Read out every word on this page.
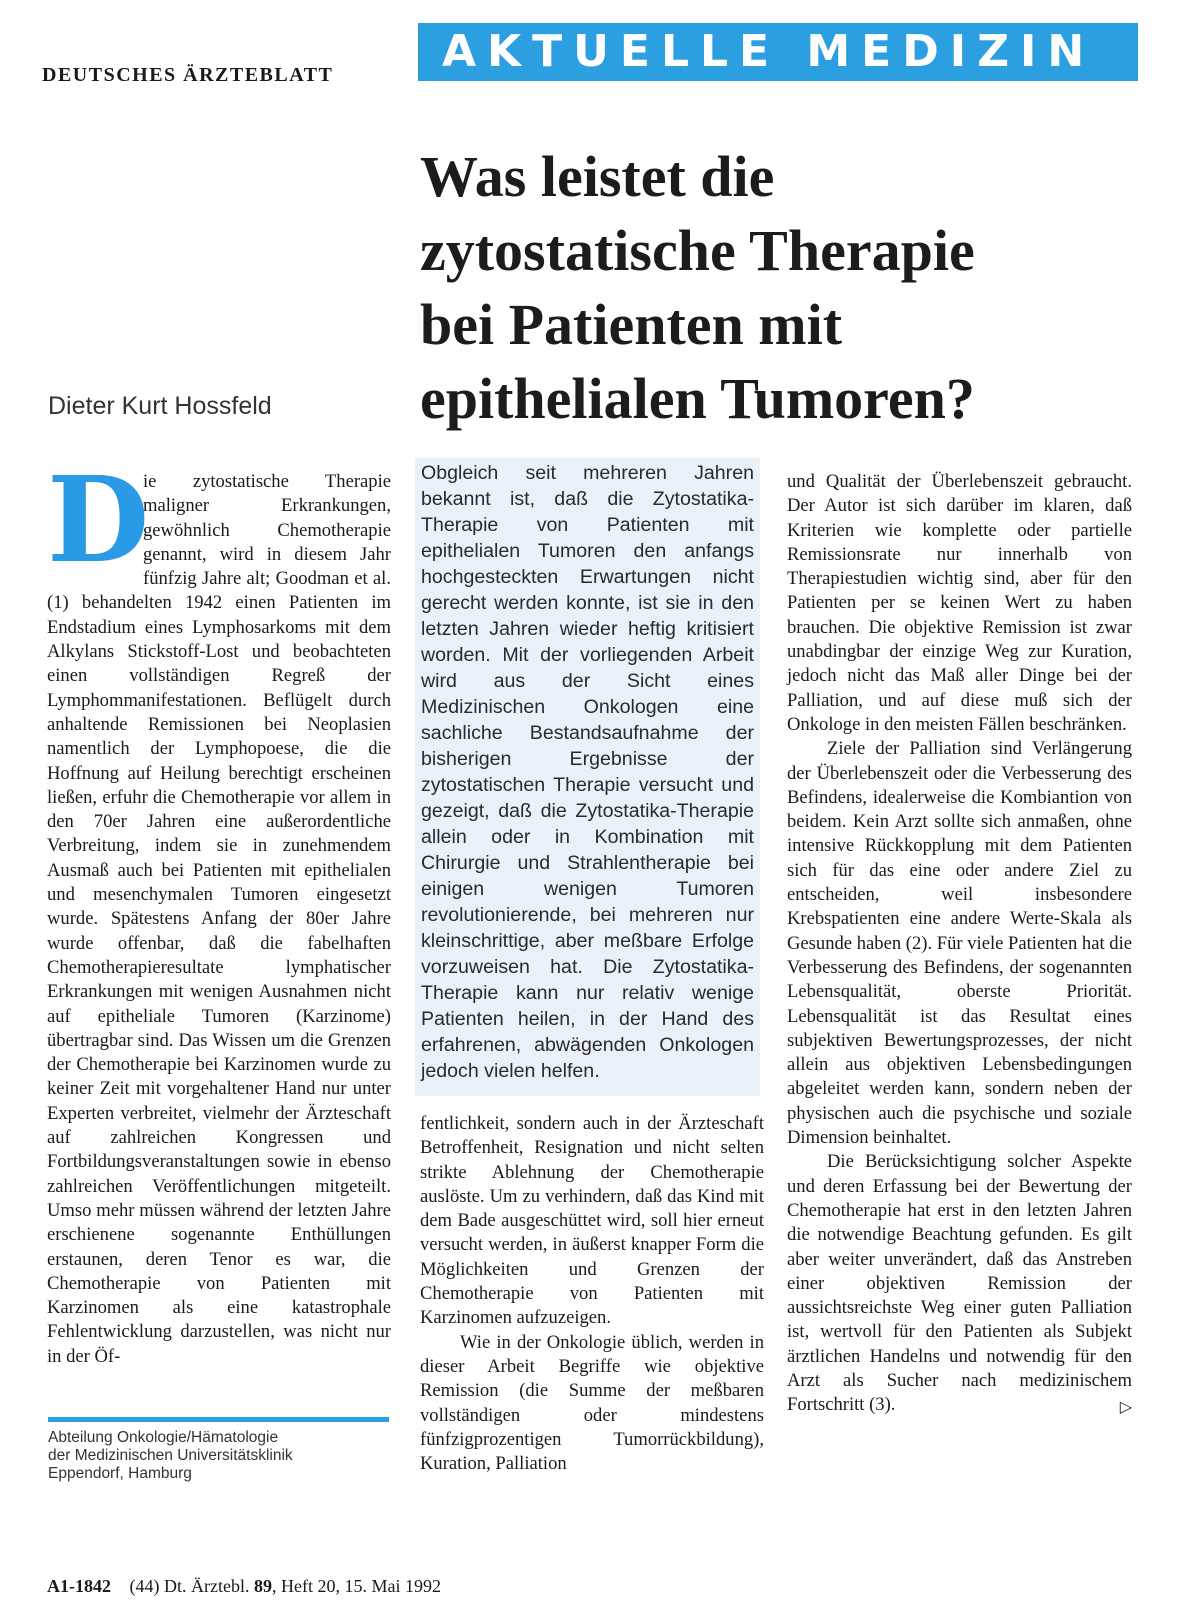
DEUTSCHES ÄRZTEBLATT	AKTUELLE MEDIZIN
Was leistet die
zytostatische Therapie
bei Patienten mit
epithelialen Tumoren?
Dieter Kurt Hossfeld
D

ie zytostatische Therapie maligner Erkrankungen, gewöhnlich Chemotherapie genannt, wird in diesem Jahr fünfzig Jahre alt; Goodman et al. (1) behandelten 1942 einen Patienten im Endstadium eines Lymphosarkoms mit dem Alkylans Stickstoff-Lost und beobachteten einen vollständigen Regreß der Lymphommanifestationen. Beflügelt durch anhaltende Remissionen bei Neoplasien namentlich der Lymphopoese, die die Hoffnung auf Heilung berechtigt erscheinen ließen, erfuhr die Chemotherapie vor allem in den 70er Jahren eine außerordentliche Verbreitung, indem sie in zunehmendem Ausmaß auch bei Patienten mit epithelialen und mesenchymalen Tumoren eingesetzt wurde. Spätestens Anfang der 80er Jahre wurde offenbar, daß die fabelhaften Chemotherapieresultate lymphatischer Erkrankungen mit wenigen Ausnahmen nicht auf epitheliale Tumoren (Karzinome) übertragbar sind. Das Wissen um die Grenzen der Chemotherapie bei Karzinomen wurde zu keiner Zeit mit vorgehaltener Hand nur unter Experten verbreitet, vielmehr der Ärzteschaft auf zahlreichen Kongressen und Fortbildungsveranstaltungen sowie in ebenso zahlreichen Veröffentlichungen mitgeteilt. Umso mehr müssen während der letzten Jahre erschienene sogenannte Enthüllungen erstaunen, deren Tenor es war, die Chemotherapie von Patienten mit Karzinomen als eine katastrophale Fehlentwicklung darzustellen, was nicht nur in der Öf-

Obgleich seit mehreren Jahren bekannt ist, daß die Zytostatika-Therapie von Patienten mit epithelialen Tumoren den anfangs hochgesteckten Erwartungen nicht gerecht werden konnte, ist sie in den letzten Jahren wieder heftig kritisiert worden. Mit der vorliegenden Arbeit wird aus der Sicht eines Medizinischen Onkologen eine sachliche Bestandsaufnahme der bisherigen Ergebnisse der zytostatischen Therapie versucht und gezeigt, daß die Zytostatika-Therapie allein oder in Kombination mit Chirurgie und Strahlentherapie bei einigen wenigen Tumoren revolutionierende, bei mehreren nur kleinschrittige, aber meßbare Erfolge vorzuweisen hat. Die Zytostatika-Therapie kann nur relativ wenige Patienten heilen, in der Hand des erfahrenen, abwägenden Onkologen jedoch vielen helfen.

fentlichkeit, sondern auch in der Ärzteschaft Betroffenheit, Resignation und nicht selten strikte Ablehnung der Chemotherapie auslöste. Um zu verhindern, daß das Kind mit dem Bade ausgeschüttet wird, soll hier erneut versucht werden, in äußerst knapper Form die Möglichkeiten und Grenzen der Chemotherapie von Patienten mit Karzinomen aufzuzeigen.

Wie in der Onkologie üblich, werden in dieser Arbeit Begriffe wie objektive Remission (die Summe der meßbaren vollständigen oder mindestens fünfzigprozentigen Tumorrückbildung), Kuration, Palliation

und Qualität der Überlebenszeit gebraucht. Der Autor ist sich darüber im klaren, daß Kriterien wie komplette oder partielle Remissionsrate nur innerhalb von Therapiestudien wichtig sind, aber für den Patienten per se keinen Wert zu haben brauchen. Die objektive Remission ist zwar unabdingbar der einzige Weg zur Kuration, jedoch nicht das Maß aller Dinge bei der Palliation, und auf diese muß sich der Onkologe in den meisten Fällen beschränken.

Ziele der Palliation sind Verlängerung der Überlebenszeit oder die Verbesserung des Befindens, idealerweise die Kombiantion von beidem. Kein Arzt sollte sich anmaßen, ohne intensive Rückkopplung mit dem Patienten sich für das eine oder andere Ziel zu entscheiden, weil insbesondere Krebspatienten eine andere Werte-Skala als Gesunde haben (2). Für viele Patienten hat die Verbesserung des Befindens, der sogenannten Lebensqualität, oberste Priorität. Lebensqualität ist das Resultat eines subjektiven Bewertungsprozesses, der nicht allein aus objektiven Lebensbedingungen abgeleitet werden kann, sondern neben der physischen auch die psychische und soziale Dimension beinhaltet.

Die Berücksichtigung solcher Aspekte und deren Erfassung bei der Bewertung der Chemotherapie hat erst in den letzten Jahren die notwendige Beachtung gefunden. Es gilt aber weiter unverändert, daß das Anstreben einer objektiven Remission der aussichtsreichste Weg einer guten Palliation ist, wertvoll für den Patienten als Subjekt ärztlichen Handelns und notwendig für den Arzt als Sucher nach medizinischem Fortschritt (3).	▷

Abteilung Onkologie/Hämatologie
der Medizinischen Universitätsklinik
Eppendorf, Hamburg
A1-1842 (44) Dt. Ärztebl. 89, Heft 20, 15. Mai 1992
